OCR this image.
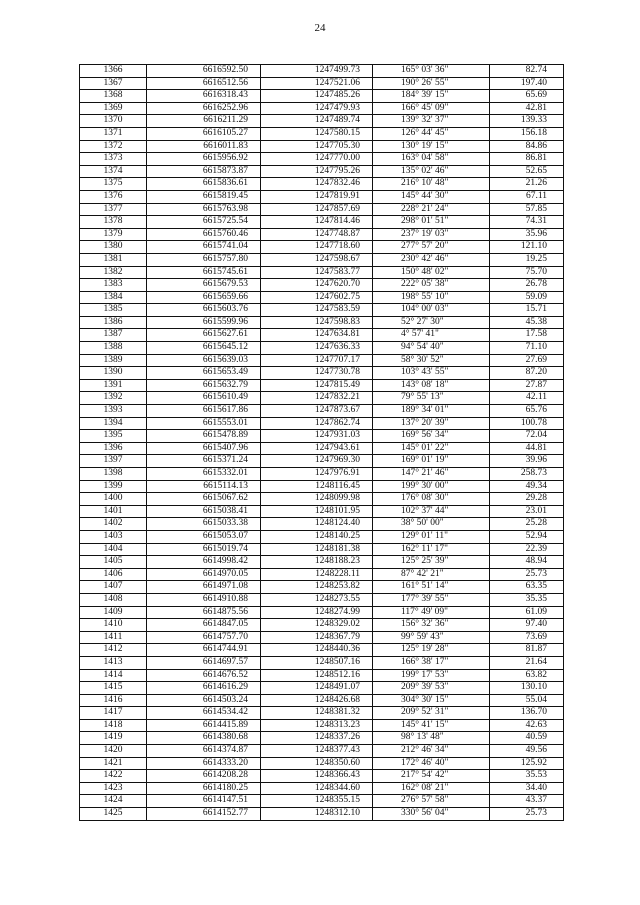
24
1366	6616592.50	1247499.73	165° 03' 36"	82.74
1367	6616512.56	1247521.06	190° 26' 55"	197.40
1368	6616318.43	1247485.26	184° 39' 15"	65.69
1369	6616252.96	1247479.93	166° 45' 09"	42.81
1370	6616211.29	1247489.74	139° 32' 37"	139.33
1371	6616105.27	1247580.15	126° 44' 45"	156.18
1372	6616011.83	1247705.30	130° 19' 15"	84.86
1373	6615956.92	1247770.00	163° 04' 58"	86.81
1374	6615873.87	1247795.26	135° 02' 46"	52.65
1375	6615836.61	1247832.46	216° 10' 48"	21.26
1376	6615819.45	1247819.91	145° 44' 30"	67.11
1377	6615763.98	1247857.69	228° 21' 24"	57.85
1378	6615725.54	1247814.46	298° 01' 51"	74.31
1379	6615760.46	1247748.87	237° 19' 03"	35.96
1380	6615741.04	1247718.60	277° 57' 20"	121.10
1381	6615757.80	1247598.67	230° 42' 46"	19.25
1382	6615745.61	1247583.77	150° 48' 02"	75.70
1383	6615679.53	1247620.70	222° 05' 38"	26.78
1384	6615659.66	1247602.75	198° 55' 10"	59.09
1385	6615603.76	1247583.59	104° 00' 03"	15.71
1386	6615599.96	1247598.83	52° 27' 30"	45.38
1387	6615627.61	1247634.81	4° 57' 41"	17.58
1388	6615645.12	1247636.33	94° 54' 40"	71.10
1389	6615639.03	1247707.17	58° 30' 52"	27.69
1390	6615653.49	1247730.78	103° 43' 55"	87.20
1391	6615632.79	1247815.49	143° 08' 18"	27.87
1392	6615610.49	1247832.21	79° 55' 13"	42.11
1393	6615617.86	1247873.67	189° 34' 01"	65.76
1394	6615553.01	1247862.74	137° 20' 39"	100.78
1395	6615478.89	1247931.03	169° 56' 34"	72.04
1396	6615407.96	1247943.61	145° 01' 22"	44.81
1397	6615371.24	1247969.30	169° 01' 19"	39.96
1398	6615332.01	1247976.91	147° 21' 46"	258.73
1399	6615114.13	1248116.45	199° 30' 00"	49.34
1400	6615067.62	1248099.98	176° 08' 30"	29.28
1401	6615038.41	1248101.95	102° 37' 44"	23.01
1402	6615033.38	1248124.40	38° 50' 00"	25.28
1403	6615053.07	1248140.25	129° 01' 11"	52.94
1404	6615019.74	1248181.38	162° 11' 17"	22.39
1405	6614998.42	1248188.23	125° 25' 39"	48.94
1406	6614970.05	1248228.11	87° 42' 21"	25.73
1407	6614971.08	1248253.82	161° 51' 14"	63.35
1408	6614910.88	1248273.55	177° 39' 55"	35.35
1409	6614875.56	1248274.99	117° 49' 09"	61.09
1410	6614847.05	1248329.02	156° 32' 36"	97.40
1411	6614757.70	1248367.79	99° 59' 43"	73.69
1412	6614744.91	1248440.36	125° 19' 28"	81.87
1413	6614697.57	1248507.16	166° 38' 17"	21.64
1414	6614676.52	1248512.16	199° 17' 53"	63.82
1415	6614616.29	1248491.07	209° 39' 53"	130.10
1416	6614503.24	1248426.68	304° 30' 15"	55.04
1417	6614534.42	1248381.32	209° 52' 31"	136.70
1418	6614415.89	1248313.23	145° 41' 15"	42.63
1419	6614380.68	1248337.26	98° 13' 48"	40.59
1420	6614374.87	1248377.43	212° 46' 34"	49.56
1421	6614333.20	1248350.60	172° 46' 40"	125.92
1422	6614208.28	1248366.43	217° 54' 42"	35.53
1423	6614180.25	1248344.60	162° 08' 21"	34.40
1424	6614147.51	1248355.15	276° 57' 58"	43.37
1425	6614152.77	1248312.10	330° 56' 04"	25.73
